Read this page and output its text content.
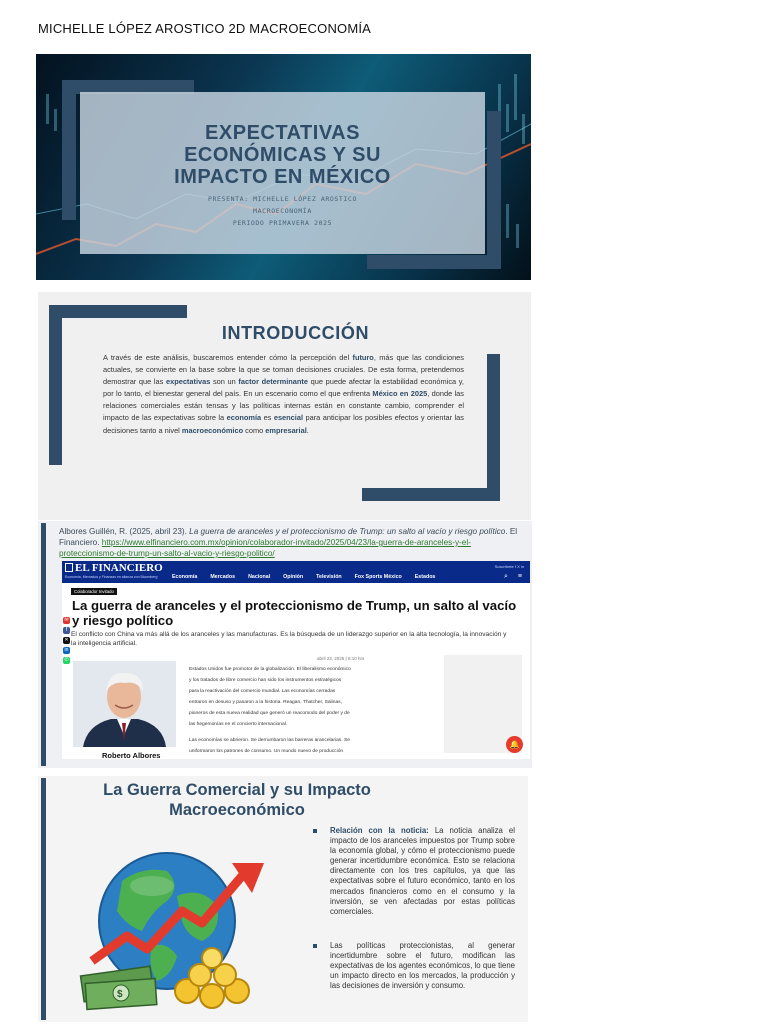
MICHELLE LÓPEZ AROSTICO 2D MACROECONOMÍA
EXPECTATIVAS
ECONÓMICAS Y SU
IMPACTO EN MÉXICO
PRESENTA: MICHELLE LÓPEZ AROSTICO
MACROECONOMÍA
PERIODO PRIMAVERA 2025
INTRODUCCIÓN
A través de este análisis, buscaremos entender cómo la percepción del futuro, más que las condiciones actuales, se convierte en la base sobre la que se toman decisiones cruciales. De esta forma, pretendemos demostrar que las expectativas son un factor determinante que puede afectar la estabilidad económica y, por lo tanto, el bienestar general del país. En un escenario como el que enfrenta México en 2025, donde las relaciones comerciales están tensas y las políticas internas están en constante cambio, comprender el impacto de las expectativas sobre la economía es esencial para anticipar los posibles efectos y orientar las decisiones tanto a nivel macroeconómico como empresarial.
Albores Guillén, R. (2025, abril 23). La guerra de aranceles y el proteccionismo de Trump: un salto al vacío y riesgo político. El Financiero. https://www.elfinanciero.com.mx/opinion/colaborador-invitado/2025/04/23/la-guerra-de-aranceles-y-el-proteccionismo-de-trump-un-salto-al-vacio-y-riesgo-politico/
EL FINANCIERO
Economía, Mercados y Finanzas en alianza con Bloomberg	Economía Mercados Nacional Opinión Televisión Fox Sports México Estados
Suscríbete f X in
⌕ ≡
Colaborador Invitado
La guerra de aranceles y el proteccionismo de Trump, un salto al vacío y riesgo político
El conflicto con China va más allá de los aranceles y las manufacturas. Es la búsqueda de un liderazgo superior en la alta tecnología, la innovación y la inteligencia artificial.
✉
f
✕
in
✆
Roberto Albores
abril 23, 2025 | 6:10 hrs
Estados Unidos fue promotor de la globalización. El liberalismo económico
y los tratados de libre comercio han sido los instrumentos estratégicos
para la reactivación del comercio mundial. Las economías cerradas
entraron en desuso y pasaron a la historia. Reagan, Thatcher, Salinas,
pioneros de esta nueva realidad que generó un reacomodo del poder y de
las hegemonías en el concierto internacional.
Las economías se abrieron. Se derrumbaron las barreras arancelarias. Se
uniformaron los patrones de consumo. Un mundo nuevo de producción
🔔
La Guerra Comercial y su Impacto
Macroeconómico
$
Relación con la noticia: La noticia analiza el impacto de los aranceles impuestos por Trump sobre la economía global, y cómo el proteccionismo puede generar incertidumbre económica. Esto se relaciona directamente con los tres capítulos, ya que las expectativas sobre el futuro económico, tanto en los mercados financieros como en el consumo y la inversión, se ven afectadas por estas políticas comerciales.
Las políticas proteccionistas, al generar incertidumbre sobre el futuro, modifican las expectativas de los agentes económicos, lo que tiene un impacto directo en los mercados, la producción y las decisiones de inversión y consumo.
